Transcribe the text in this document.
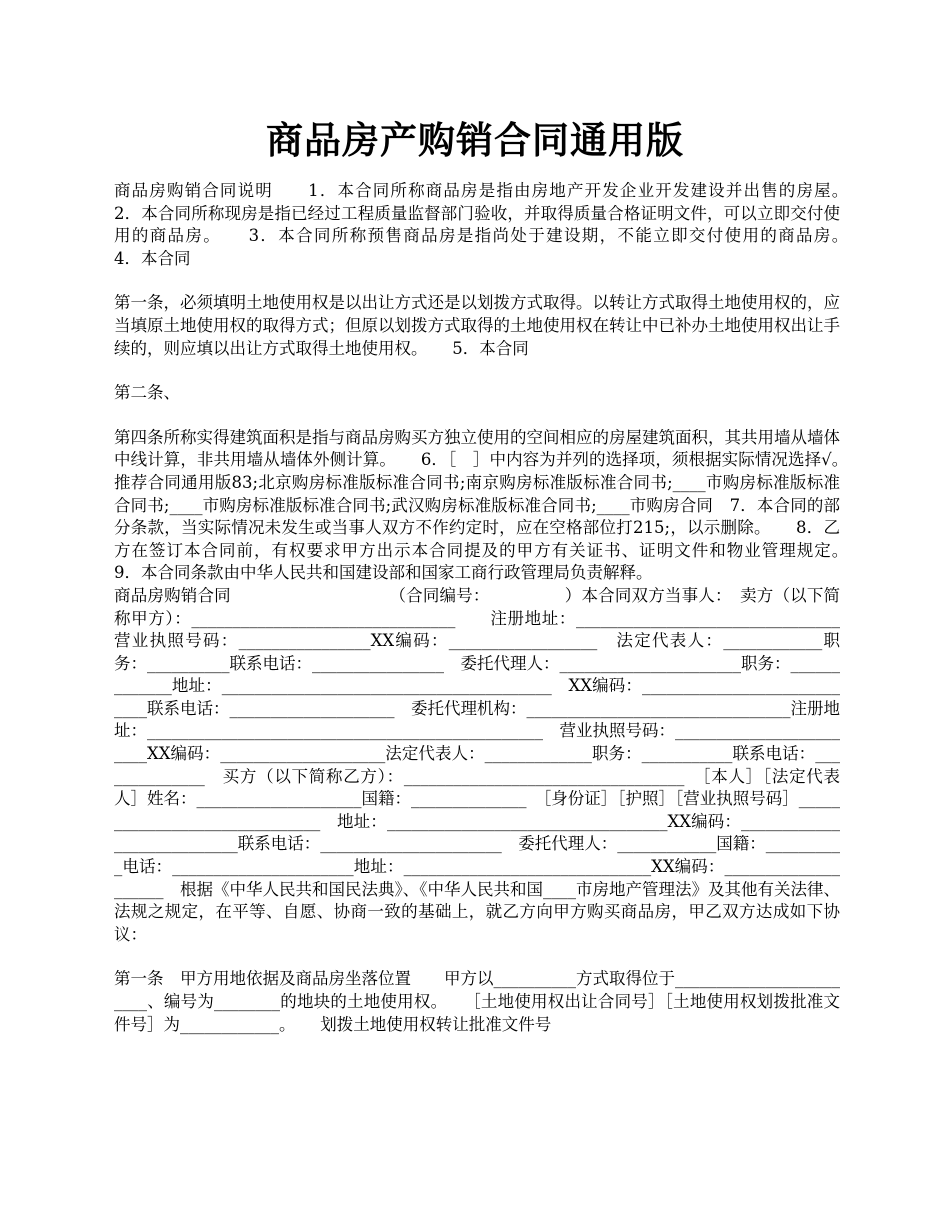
商品房产购销合同通用版

商品房购销合同说明　　1．本合同所称商品房是指由房地产开发企业开发建设并出售的房屋。　　2．本合同所称现房是指已经过工程质量监督部门验收，并取得质量合格证明文件，可以立即交付使用的商品房。　　3．本合同所称预售商品房是指尚处于建设期，不能立即交付使用的商品房。　　4．本合同

第一条，必须填明土地使用权是以出让方式还是以划拨方式取得。以转让方式取得土地使用权的，应当填原土地使用权的取得方式；但原以划拨方式取得的土地使用权在转让中已补办土地使用权出让手续的，则应填以出让方式取得土地使用权。　　5．本合同

第二条、

第四条所称实得建筑面积是指与商品房购买方独立使用的空间相应的房屋建筑面积，其共用墙从墙体中线计算，非共用墙从墙体外侧计算。　　6．［　］中内容为并列的选择项，须根据实际情况选择√。　推荐合同通用版83;北京购房标准版标准合同书;南京购房标准版标准合同书;____市购房标准版标准合同书;____市购房标准版标准合同书;武汉购房标准版标准合同书;____市购房合同　7．本合同的部分条款，当实际情况未发生或当事人双方不作约定时，应在空格部位打215;，以示删除。　　8．乙方在签订本合同前，有权要求甲方出示本合同提及的甲方有关证书、证明文件和物业管理规定。　　9．本合同条款由中华人民共和国建设部和国家工商行政管理局负责解释。

商品房购销合同　　　　　　　　　　（合同编号：　　　　　）本合同双方当事人：　卖方（以下简称甲方）：________________________________　　注册地址：________________________________　营业执照号码：________________XX编码：__________________　法定代表人：____________职务：__________联系电话：________________　委托代理人：______________________职务：_____________地址：________________________________________　XX编码：____________________________联系电话：____________________　委托代理机构：________________________________注册地址：________________________________________________　营业执照号码：________________________XX编码：____________________法定代表人：_____________职务：___________联系电话：______________　买方（以下简称乙方）：__________________________________　［本人］［法定代表人］姓名：____________________国籍：______________　［身份证］［护照］［营业执照号码］______________________________　地址：__________________________________XX编码：___________________________联系电话：______________________　委托代理人：____________国籍：__________电话：______________________地址：______________________________XX编码：____________________　根据《中华人民共和国民法典》、《中华人民共和国____市房地产管理法》及其他有关法律、法规之规定，在平等、自愿、协商一致的基础上，就乙方向甲方购买商品房，甲乙双方达成如下协议：

第一条　甲方用地依据及商品房坐落位置　　甲方以__________方式取得位于________________________、编号为________的地块的土地使用权。　　［土地使用权出让合同号］［土地使用权划拨批准文件号］为____________。　　划拨土地使用权转让批准文件号
